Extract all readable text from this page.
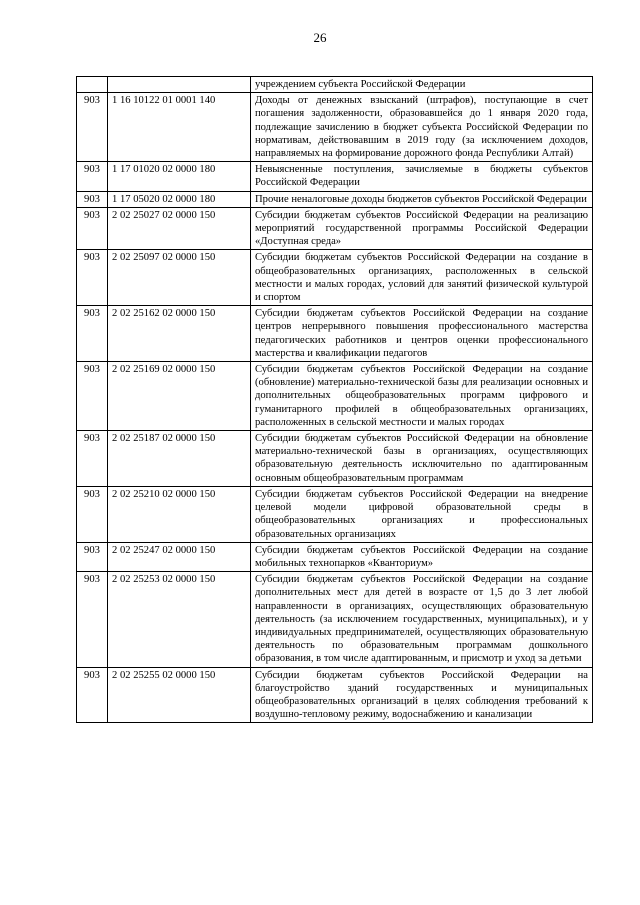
26
		учреждением субъекта Российской Федерации
903	1 16 10122 01 0001 140	Доходы от денежных взысканий (штрафов), поступающие в счет погашения задолженности, образовавшейся до 1 января 2020 года, подлежащие зачислению в бюджет субъекта Российской Федерации по нормативам, действовавшим в 2019 году (за исключением доходов, направляемых на формирование дорожного фонда Республики Алтай)
903	1 17 01020 02 0000 180	Невыясненные поступления, зачисляемые в бюджеты субъектов Российской Федерации
903	1 17 05020 02 0000 180	Прочие неналоговые доходы бюджетов субъектов Российской Федерации
903	2 02 25027 02 0000 150	Субсидии бюджетам субъектов Российской Федерации на реализацию мероприятий государственной программы Российской Федерации «Доступная среда»
903	2 02 25097 02 0000 150	Субсидии бюджетам субъектов Российской Федерации на создание в общеобразовательных организациях, расположенных в сельской местности и малых городах, условий для занятий физической культурой и спортом
903	2 02 25162 02 0000 150	Субсидии бюджетам субъектов Российской Федерации на создание центров непрерывного повышения профессионального мастерства педагогических работников и центров оценки профессионального мастерства и квалификации педагогов
903	2 02 25169 02 0000 150	Субсидии бюджетам субъектов Российской Федерации на создание (обновление) материально-технической базы для реализации основных и дополнительных общеобразовательных программ цифрового и гуманитарного профилей в общеобразовательных организациях, расположенных в сельской местности и малых городах
903	2 02 25187 02 0000 150	Субсидии бюджетам субъектов Российской Федерации на обновление материально-технической базы в организациях, осуществляющих образовательную деятельность исключительно по адаптированным основным общеобразовательным программам
903	2 02 25210 02 0000 150	Субсидии бюджетам субъектов Российской Федерации на внедрение целевой модели цифровой образовательной среды в общеобразовательных организациях и профессиональных образовательных организациях
903	2 02 25247 02 0000 150	Субсидии бюджетам субъектов Российской Федерации на создание мобильных технопарков «Кванториум»
903	2 02 25253 02 0000 150	Субсидии бюджетам субъектов Российской Федерации на создание дополнительных мест для детей в возрасте от 1,5 до 3 лет любой направленности в организациях, осуществляющих образовательную деятельность (за исключением государственных, муниципальных), и у индивидуальных предпринимателей, осуществляющих образовательную деятельность по образовательным программам дошкольного образования, в том числе адаптированным, и присмотр и уход за детьми
903	2 02 25255 02 0000 150	Субсидии бюджетам субъектов Российской Федерации на благоустройство зданий государственных и муниципальных общеобразовательных организаций в целях соблюдения требований к воздушно-тепловому режиму, водоснабжению и канализации
